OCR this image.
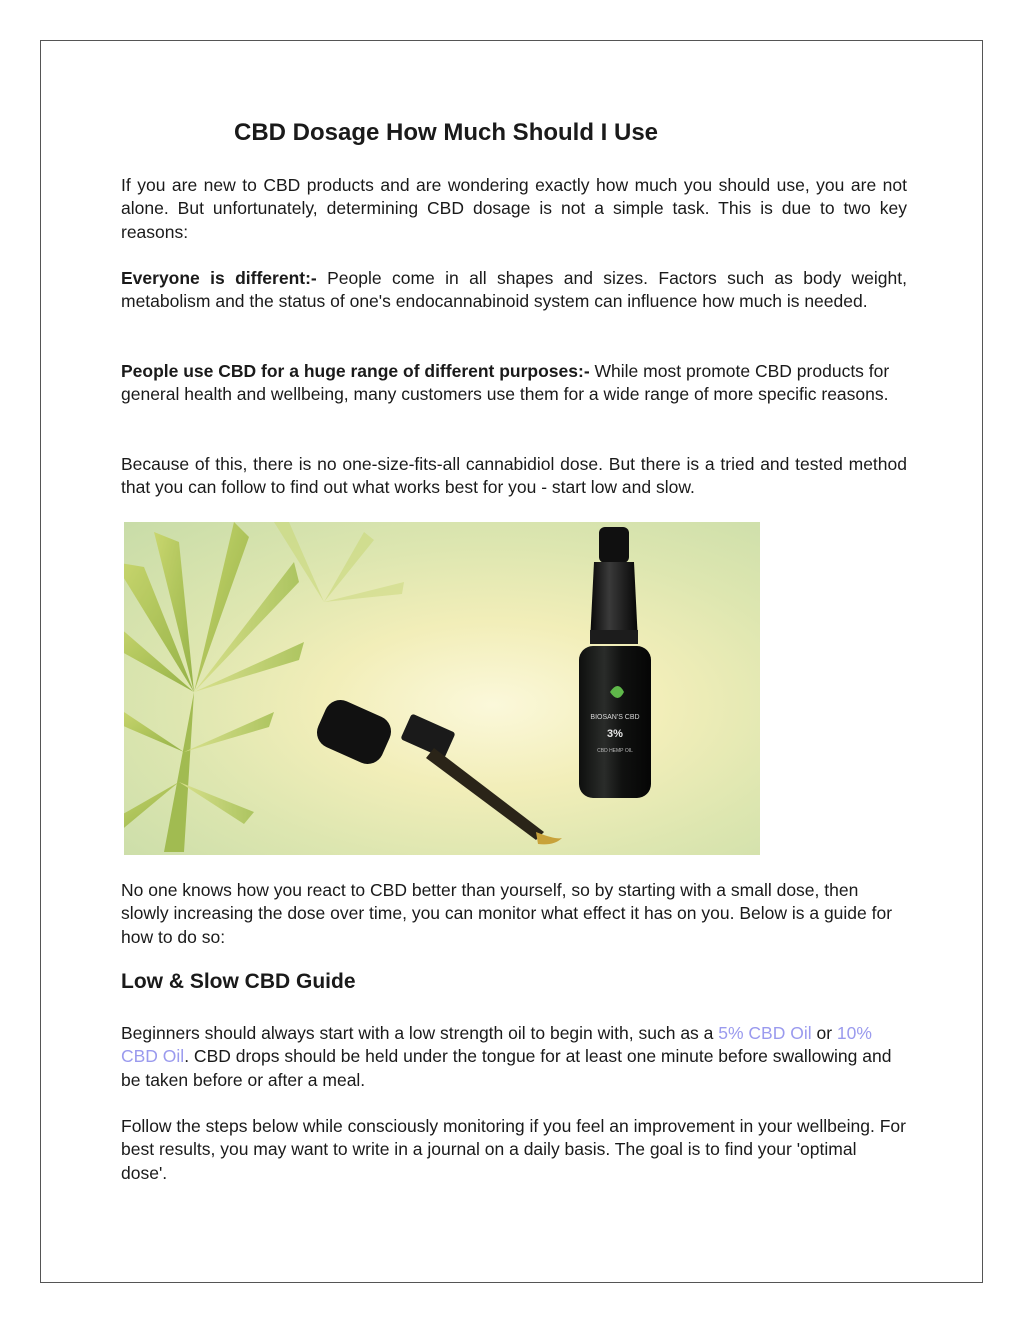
CBD Dosage How Much Should I Use

If you are new to CBD products and are wondering exactly how much you should use, you are not alone. But unfortunately, determining CBD dosage is not a simple task. This is due to two key reasons:

Everyone is different:- People come in all shapes and sizes. Factors such as body weight, metabolism and the status of one's endocannabinoid system can influence how much is needed.

People use CBD for a huge range of different purposes:- While most promote CBD products for general health and wellbeing, many customers use them for a wide range of more specific reasons.

Because of this, there is no one-size-fits-all cannabidiol dose. But there is a tried and tested method that you can follow to find out what works best for you - start low and slow.

BIOSAN'S CBD
3%
CBD HEMP OIL

No one knows how you react to CBD better than yourself, so by starting with a small dose, then slowly increasing the dose over time, you can monitor what effect it has on you. Below is a guide for how to do so:

Low & Slow CBD Guide

Beginners should always start with a low strength oil to begin with, such as a 5% CBD Oil or 10% CBD Oil. CBD drops should be held under the tongue for at least one minute before swallowing and be taken before or after a meal.

Follow the steps below while consciously monitoring if you feel an improvement in your wellbeing. For best results, you may want to write in a journal on a daily basis. The goal is to find your 'optimal dose'.
